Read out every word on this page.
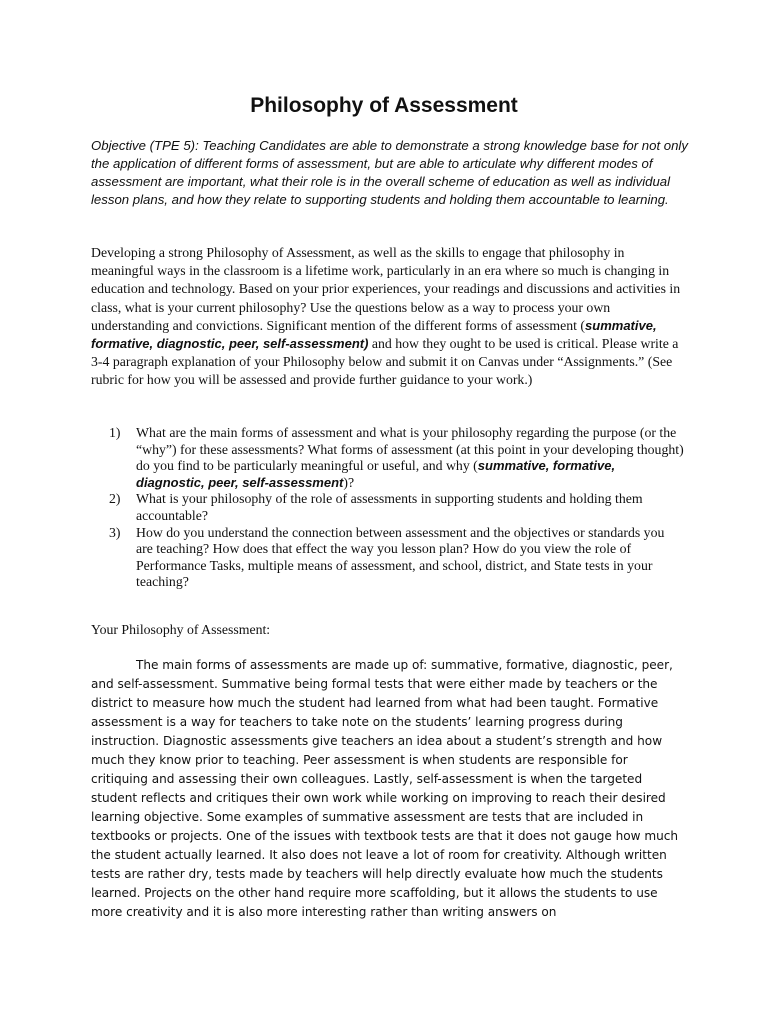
Philosophy of Assessment
Objective (TPE 5): Teaching Candidates are able to demonstrate a strong knowledge base for not only the application of different forms of assessment, but are able to articulate why different modes of assessment are important, what their role is in the overall scheme of education as well as individual lesson plans, and how they relate to supporting students and holding them accountable to learning.
Developing a strong Philosophy of Assessment, as well as the skills to engage that philosophy in meaningful ways in the classroom is a lifetime work, particularly in an era where so much is changing in education and technology. Based on your prior experiences, your readings and discussions and activities in class, what is your current philosophy? Use the questions below as a way to process your own understanding and convictions. Significant mention of the different forms of assessment (summative, formative, diagnostic, peer, self-assessment) and how they ought to be used is critical. Please write a 3-4 paragraph explanation of your Philosophy below and submit it on Canvas under “Assignments.” (See rubric for how you will be assessed and provide further guidance to your work.)
1) What are the main forms of assessment and what is your philosophy regarding the purpose (or the “why”) for these assessments? What forms of assessment (at this point in your developing thought) do you find to be particularly meaningful or useful, and why (summative, formative, diagnostic, peer, self-assessment)?
2) What is your philosophy of the role of assessments in supporting students and holding them accountable?
3) How do you understand the connection between assessment and the objectives or standards you are teaching? How does that effect the way you lesson plan? How do you view the role of Performance Tasks, multiple means of assessment, and school, district, and State tests in your teaching?
Your Philosophy of Assessment:

The main forms of assessments are made up of: summative, formative, diagnostic, peer, and self-assessment. Summative being formal tests that were either made by teachers or the district to measure how much the student had learned from what had been taught. Formative assessment is a way for teachers to take note on the students’ learning progress during instruction. Diagnostic assessments give teachers an idea about a student’s strength and how much they know prior to teaching. Peer assessment is when students are responsible for critiquing and assessing their own colleagues. Lastly, self-assessment is when the targeted student reflects and critiques their own work while working on improving to reach their desired learning objective. Some examples of summative assessment are tests that are included in textbooks or projects. One of the issues with textbook tests are that it does not gauge how much the student actually learned. It also does not leave a lot of room for creativity. Although written tests are rather dry, tests made by teachers will help directly evaluate how much the students learned. Projects on the other hand require more scaffolding, but it allows the students to use more creativity and it is also more interesting rather than writing answers on
